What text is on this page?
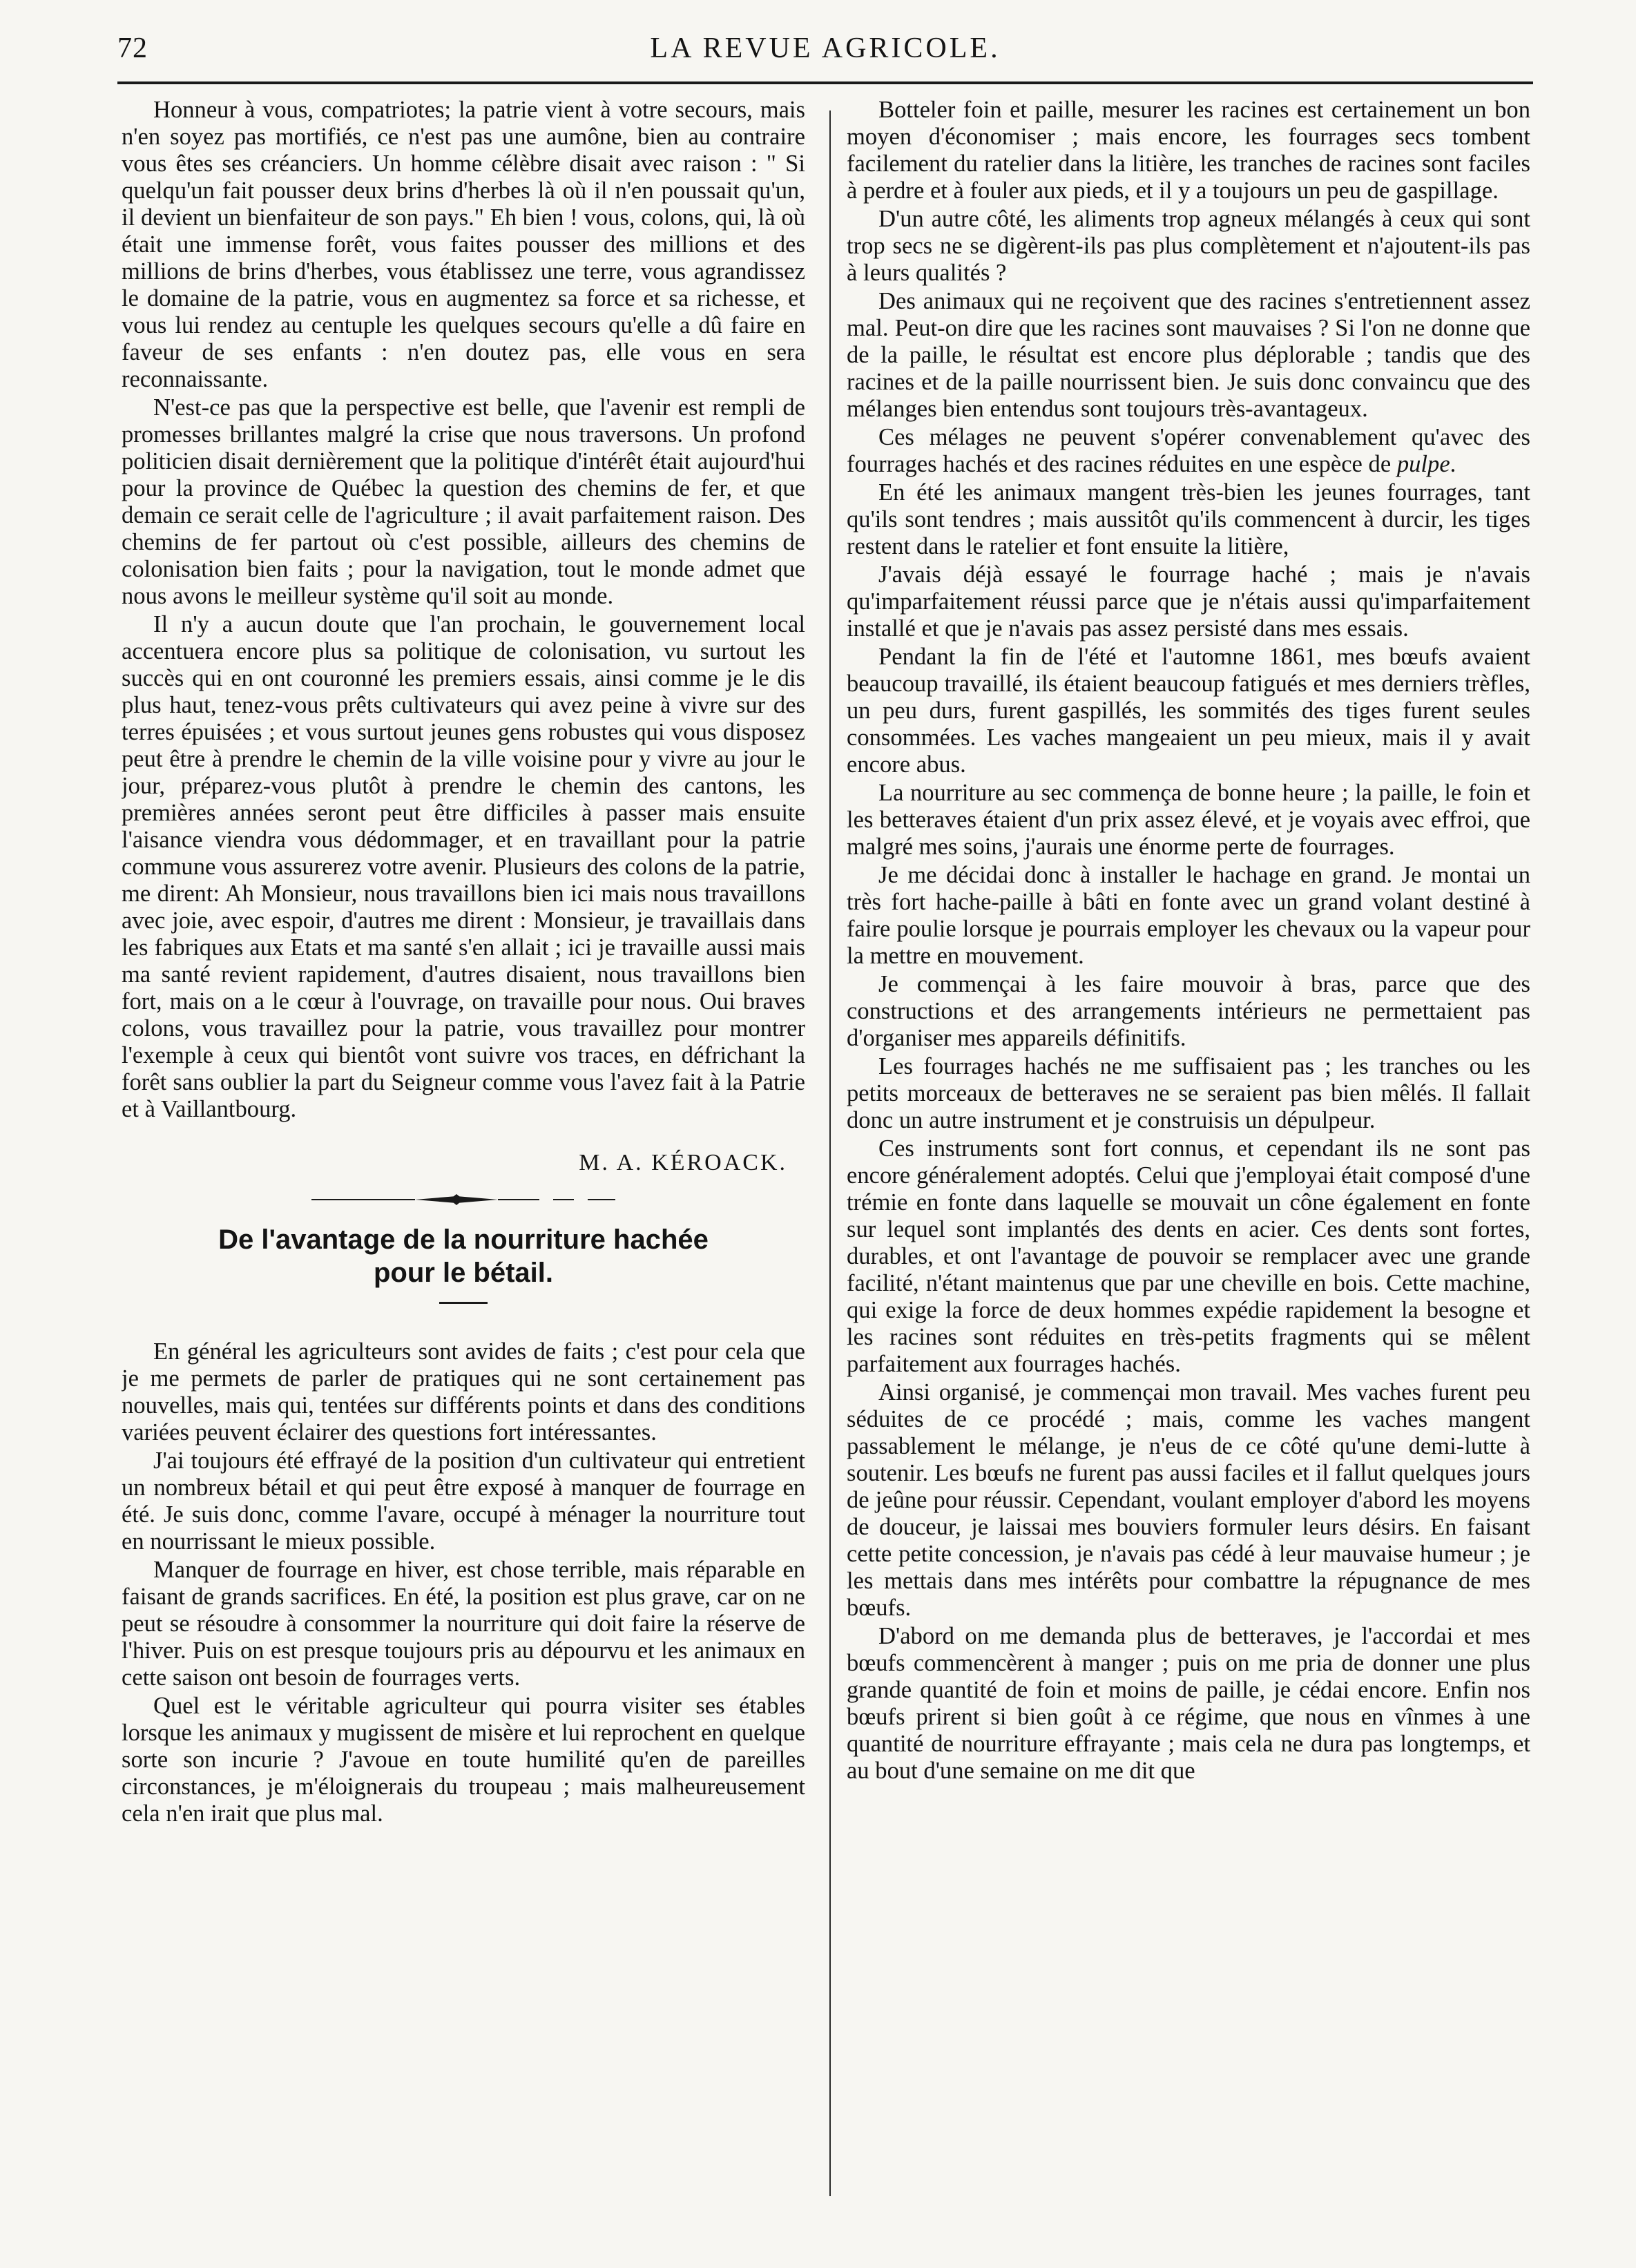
72	LA REVUE AGRICOLE.

Honneur à vous, compatriotes; la patrie vient à votre secours, mais n'en soyez pas mortifiés, ce n'est pas une aumône, bien au contraire vous êtes ses créanciers. Un homme célèbre disait avec raison : " Si quelqu'un fait pousser deux brins d'herbes là où il n'en poussait qu'un, il devient un bienfaiteur de son pays." Eh bien ! vous, colons, qui, là où était une immense forêt, vous faites pousser des millions et des millions de brins d'herbes, vous établissez une terre, vous agrandissez le domaine de la patrie, vous en augmentez sa force et sa richesse, et vous lui rendez au centuple les quelques secours qu'elle a dû faire en faveur de ses enfants : n'en doutez pas, elle vous en sera reconnaissante.

N'est-ce pas que la perspective est belle, que l'avenir est rempli de promesses brillantes malgré la crise que nous traversons. Un profond politicien disait dernièrement que la politique d'intérêt était aujourd'hui pour la province de Québec la question des chemins de fer, et que demain ce serait celle de l'agriculture ; il avait parfaitement raison. Des chemins de fer partout où c'est possible, ailleurs des chemins de colonisation bien faits ; pour la navigation, tout le monde admet que nous avons le meilleur système qu'il soit au monde.

Il n'y a aucun doute que l'an prochain, le gouvernement local accentuera encore plus sa politique de colonisation, vu surtout les succès qui en ont couronné les premiers essais, ainsi comme je le dis plus haut, tenez-vous prêts cultivateurs qui avez peine à vivre sur des terres épuisées ; et vous surtout jeunes gens robustes qui vous disposez peut être à prendre le chemin de la ville voisine pour y vivre au jour le jour, préparez-vous plutôt à prendre le chemin des cantons, les premières années seront peut être difficiles à passer mais ensuite l'aisance viendra vous dédommager, et en travaillant pour la patrie commune vous assurerez votre avenir. Plusieurs des colons de la patrie, me dirent: Ah Monsieur, nous travaillons bien ici mais nous travaillons avec joie, avec espoir, d'autres me dirent : Monsieur, je travaillais dans les fabriques aux Etats et ma santé s'en allait ; ici je travaille aussi mais ma santé revient rapidement, d'autres disaient, nous travaillons bien fort, mais on a le cœur à l'ouvrage, on travaille pour nous. Oui braves colons, vous travaillez pour la patrie, vous travaillez pour montrer l'exemple à ceux qui bientôt vont suivre vos traces, en défrichant la forêt sans oublier la part du Seigneur comme vous l'avez fait à la Patrie et à Vaillantbourg.

M. A. KÉROACK.
De l'avantage de la nourriture hachée
pour le bétail.

En général les agriculteurs sont avides de faits ; c'est pour cela que je me permets de parler de pratiques qui ne sont certainement pas nouvelles, mais qui, tentées sur différents points et dans des conditions variées peuvent éclairer des questions fort intéressantes.

J'ai toujours été effrayé de la position d'un cultivateur qui entretient un nombreux bétail et qui peut être exposé à manquer de fourrage en été. Je suis donc, comme l'avare, occupé à ménager la nourriture tout en nourrissant le mieux possible.

Manquer de fourrage en hiver, est chose terrible, mais réparable en faisant de grands sacrifices. En été, la position est plus grave, car on ne peut se résoudre à consommer la nourriture qui doit faire la réserve de l'hiver. Puis on est presque toujours pris au dépourvu et les animaux en cette saison ont besoin de fourrages verts.

Quel est le véritable agriculteur qui pourra visiter ses étables lorsque les animaux y mugissent de misère et lui reprochent en quelque sorte son incurie ? J'avoue en toute humilité qu'en de pareilles circonstances, je m'éloignerais du troupeau ; mais malheureusement cela n'en irait que plus mal.

Botteler foin et paille, mesurer les racines est certainement un bon moyen d'économiser ; mais encore, les fourrages secs tombent facilement du ratelier dans la litière, les tranches de racines sont faciles à perdre et à fouler aux pieds, et il y a toujours un peu de gaspillage.

D'un autre côté, les aliments trop agneux mélangés à ceux qui sont trop secs ne se digèrent-ils pas plus complètement et n'ajoutent-ils pas à leurs qualités ?

Des animaux qui ne reçoivent que des racines s'entretiennent assez mal. Peut-on dire que les racines sont mauvaises ? Si l'on ne donne que de la paille, le résultat est encore plus déplorable ; tandis que des racines et de la paille nourrissent bien. Je suis donc convaincu que des mélanges bien entendus sont toujours très-avantageux.

Ces mélages ne peuvent s'opérer convenablement qu'avec des fourrages hachés et des racines réduites en une espèce de pulpe.

En été les animaux mangent très-bien les jeunes fourrages, tant qu'ils sont tendres ; mais aussitôt qu'ils commencent à durcir, les tiges restent dans le ratelier et font ensuite la litière,

J'avais déjà essayé le fourrage haché ; mais je n'avais qu'imparfaitement réussi parce que je n'étais aussi qu'imparfaitement installé et que je n'avais pas assez persisté dans mes essais.

Pendant la fin de l'été et l'automne 1861, mes bœufs avaient beaucoup travaillé, ils étaient beaucoup fatigués et mes derniers trèfles, un peu durs, furent gaspillés, les sommités des tiges furent seules consommées. Les vaches mangeaient un peu mieux, mais il y avait encore abus.

La nourriture au sec commença de bonne heure ; la paille, le foin et les betteraves étaient d'un prix assez élevé, et je voyais avec effroi, que malgré mes soins, j'aurais une énorme perte de fourrages.

Je me décidai donc à installer le hachage en grand. Je montai un très fort hache-paille à bâti en fonte avec un grand volant destiné à faire poulie lorsque je pourrais employer les chevaux ou la vapeur pour la mettre en mouvement.

Je commençai à les faire mouvoir à bras, parce que des constructions et des arrangements intérieurs ne permettaient pas d'organiser mes appareils définitifs.

Les fourrages hachés ne me suffisaient pas ; les tranches ou les petits morceaux de betteraves ne se seraient pas bien mêlés. Il fallait donc un autre instrument et je construisis un dépulpeur.

Ces instruments sont fort connus, et cependant ils ne sont pas encore généralement adoptés. Celui que j'employai était composé d'une trémie en fonte dans laquelle se mouvait un cône également en fonte sur lequel sont implantés des dents en acier. Ces dents sont fortes, durables, et ont l'avantage de pouvoir se remplacer avec une grande facilité, n'étant maintenus que par une cheville en bois. Cette machine, qui exige la force de deux hommes expédie rapidement la besogne et les racines sont réduites en très-petits fragments qui se mêlent parfaitement aux fourrages hachés.

Ainsi organisé, je commençai mon travail. Mes vaches furent peu séduites de ce procédé ; mais, comme les vaches mangent passablement le mélange, je n'eus de ce côté qu'une demi-lutte à soutenir. Les bœufs ne furent pas aussi faciles et il fallut quelques jours de jeûne pour réussir. Cependant, voulant employer d'abord les moyens de douceur, je laissai mes bouviers formuler leurs désirs. En faisant cette petite concession, je n'avais pas cédé à leur mauvaise humeur ; je les mettais dans mes intérêts pour combattre la répugnance de mes bœufs.

D'abord on me demanda plus de betteraves, je l'accordai et mes bœufs commencèrent à manger ; puis on me pria de donner une plus grande quantité de foin et moins de paille, je cédai encore. Enfin nos bœufs prirent si bien goût à ce régime, que nous en vînmes à une quantité de nourriture effrayante ; mais cela ne dura pas longtemps, et au bout d'une semaine on me dit que
